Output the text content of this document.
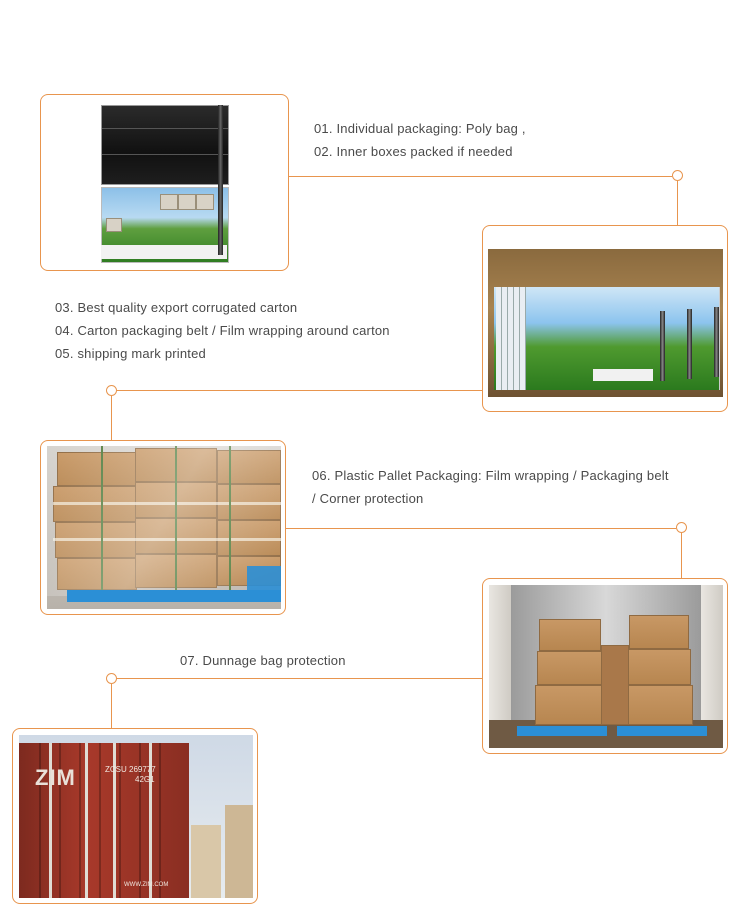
01. Individual packaging: Poly bag ,
02. Inner boxes packed if needed
03. Best quality export corrugated carton
04. Carton packaging belt / Film wrapping around carton
05. shipping mark printed
06. Plastic Pallet Packaging: Film wrapping / Packaging belt
/ Corner protection
07. Dunnage bag protection
ZIM	ZCSU 269777
42G1
WWW.ZIM.COM
